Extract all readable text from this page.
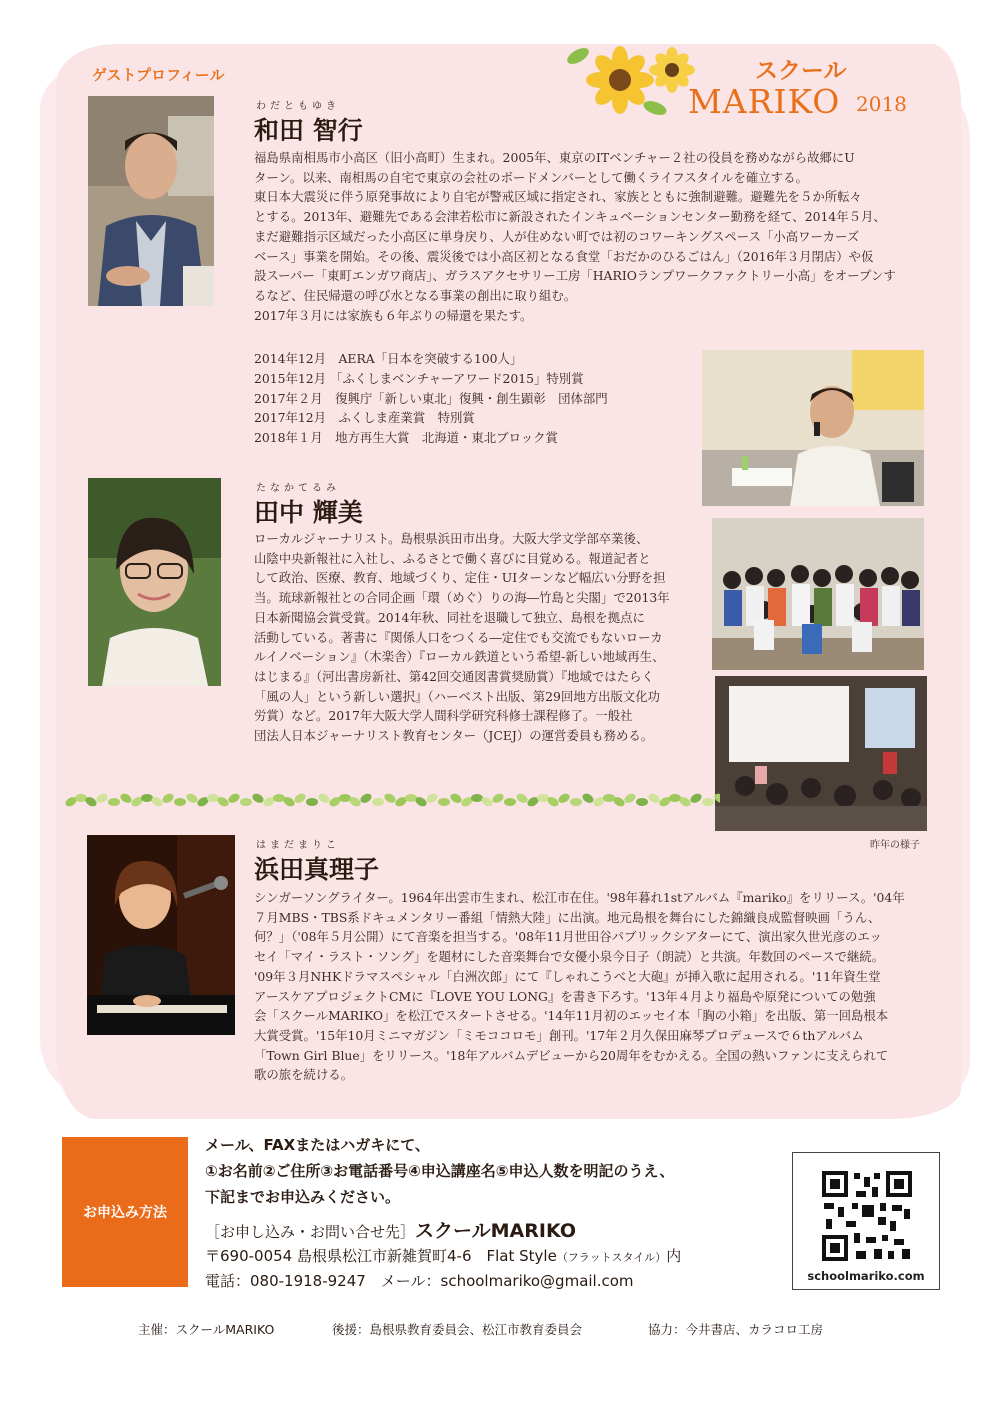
ゲストプロフィール	スクール
MARIKO 2018
わだともゆき
和田 智行

福島県南相馬市小高区（旧小高町）生まれ。2005年、東京のITベンチャー２社の役員を務めながら故郷にU

ターン。以来、南相馬の自宅で東京の会社のボードメンバーとして働くライフスタイルを確立する。

東日本大震災に伴う原発事故により自宅が警戒区域に指定され、家族とともに強制避難。避難先を５か所転々

とする。2013年、避難先である会津若松市に新設されたインキュベーションセンター勤務を経て、2014年５月、

まだ避難指示区域だった小高区に単身戻り、人が住めない町では初のコワーキングスペース「小高ワーカーズ

ベース」事業を開始。その後、震災後では小高区初となる食堂「おだかのひるごはん」（2016年３月閉店）や仮

設スーパー「東町エンガワ商店」、ガラスアクセサリー工房「HARIOランプワークファクトリー小高」をオープンす

るなど、住民帰還の呼び水となる事業の創出に取り組む。

2017年３月には家族も６年ぶりの帰還を果たす。

2014年12月　AERA「日本を突破する100人」

2015年12月 「ふくしまベンチャーアワード2015」特別賞

2017年２月　復興庁「新しい東北」復興・創生顕彰　団体部門

2017年12月　ふくしま産業賞　特別賞

2018年１月　地方再生大賞　北海道・東北ブロック賞

たなかてるみ
田中 輝美

ローカルジャーナリスト。島根県浜田市出身。大阪大学文学部卒業後、

山陰中央新報社に入社し、ふるさとで働く喜びに目覚める。報道記者と

して政治、医療、教育、地域づくり、定住・UIターンなど幅広い分野を担

当。琉球新報社との合同企画「環（めぐ）りの海―竹島と尖閣」で2013年

日本新聞協会賞受賞。2014年秋、同社を退職して独立、島根を拠点に

活動している。著書に『関係人口をつくる―定住でも交流でもないローカ

ルイノベーション』（木楽舎）『ローカル鉄道という希望-新しい地域再生、

はじまる』（河出書房新社、第42回交通図書賞奨励賞）『地域ではたらく

「風の人」という新しい選択』（ハーベスト出版、第29回地方出版文化功

労賞）など。2017年大阪大学人間科学研究科修士課程修了。一般社

団法人日本ジャーナリスト教育センター（JCEJ）の運営委員も務める。

昨年の様子
はまだまりこ
浜田真理子

シンガーソングライター。1964年出雲市生まれ、松江市在住。'98年暮れ1stアルバム『mariko』をリリース。'04年

７月MBS・TBS系ドキュメンタリー番組「情熱大陸」に出演。地元島根を舞台にした錦織良成監督映画「うん、

何？」（'08年５月公開）にて音楽を担当する。'08年11月世田谷パブリックシアターにて、演出家久世光彦のエッ

セイ「マイ・ラスト・ソング」を題材にした音楽舞台で女優小泉今日子（朗読）と共演。年数回のペースで継続。

'09年３月NHKドラマスペシャル「白洲次郎」にて『しゃれこうべと大砲』が挿入歌に起用される。'11年資生堂

アースケアプロジェクトCMに『LOVE YOU LONG』を書き下ろす。'13年４月より福島や原発についての勉強

会「スクールMARIKO」を松江でスタートさせる。'14年11月初のエッセイ本「胸の小箱」を出版、第一回島根本

大賞受賞。'15年10月ミニマガジン「ミモココロモ」創刊。'17年２月久保田麻琴プロデュースで６thアルバム

「Town Girl Blue」をリリース。'18年アルバムデビューから20周年をむかえる。全国の熱いファンに支えられて

歌の旅を続ける。

お申込み方法
メール、FAXまたはハガキにて、
①お名前②ご住所③お電話番号④申込講座名⑤申込人数を明記のうえ、
下記までお申込みください。
［お申し込み・お問い合せ先］スクールMARIKO
〒690-0054 島根県松江市新雑賀町4-6　Flat Style（フラットスタイル）内
電話：080-1918-9247　メール：schoolmariko@gmail.com	schoolmariko.com
主催：スクールMARIKO	後援：島根県教育委員会、松江市教育委員会	協力：今井書店、カラコロ工房
